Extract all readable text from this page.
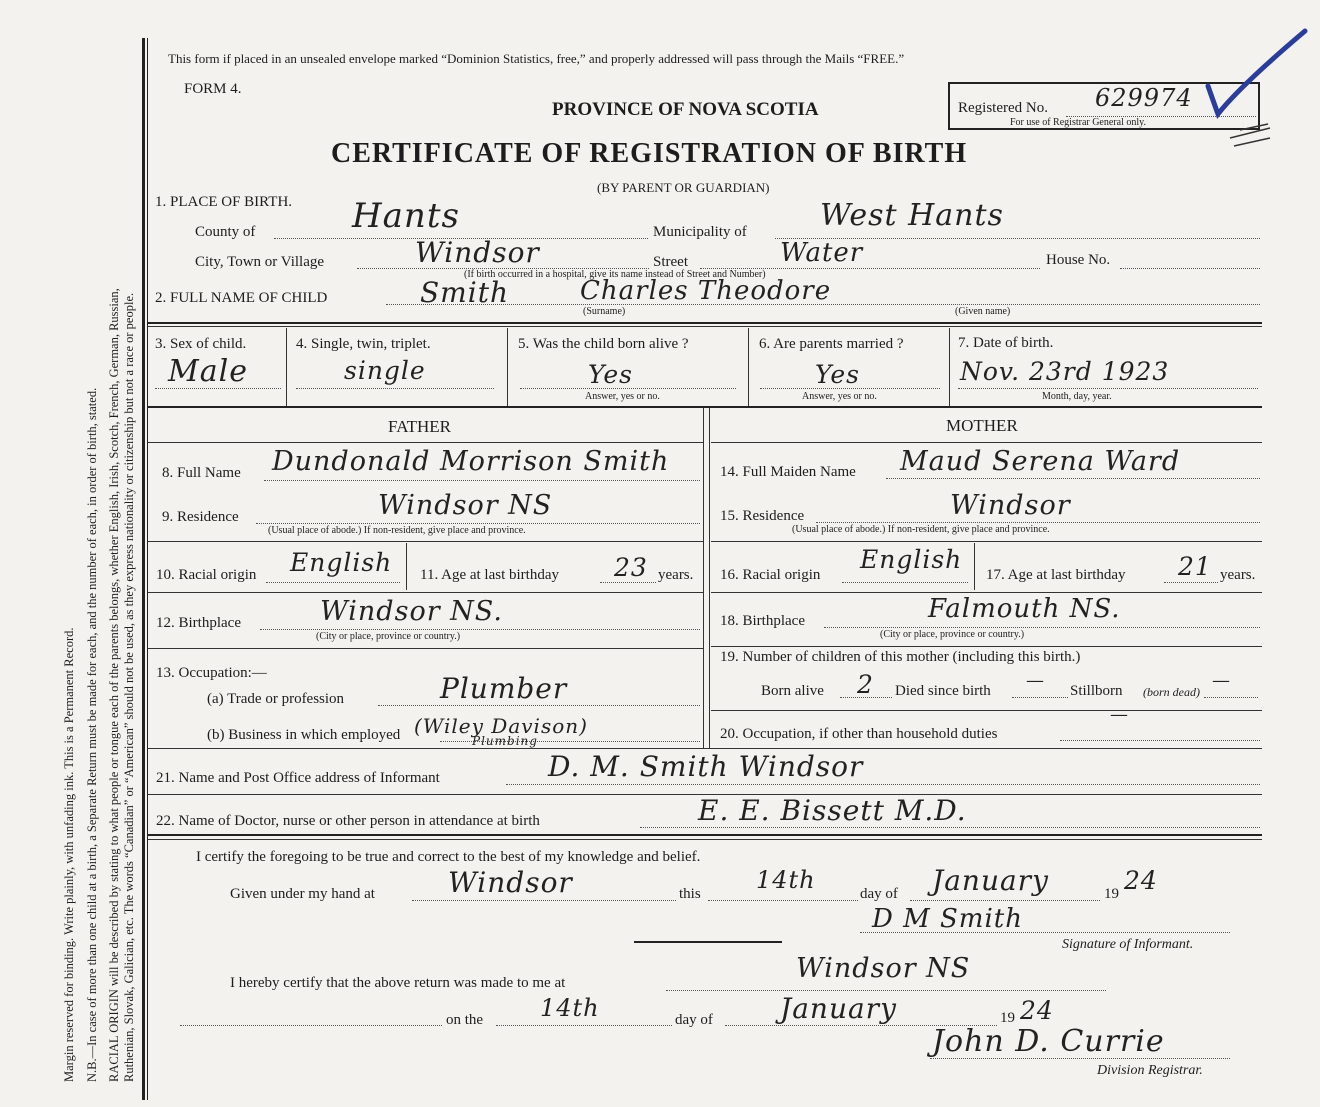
Margin reserved for binding. Write plainly, with unfading ink. This is a Permanent Record. N.B.—In case of more than one child at a birth, a Separate Return must be made for each, and the number of each, in order of birth, stated. RACIAL ORIGIN will be described by stating to what people or tongue each of the parents belongs, whether English, Irish, Scotch, French, German, Russian, Ruthenian, Slovak, Galician, etc. The words “Canadian” or “American” should not be used, as they express nationality or citizenship but not a race or people.
This form if placed in an unsealed envelope marked “Dominion Statistics, free,” and properly addressed will pass through the Mails “FREE.”
FORM 4.
PROVINCE OF NOVA SCOTIA
CERTIFICATE OF REGISTRATION OF BIRTH
(BY PARENT OR GUARDIAN)
Registered No. 629974
For use of Registrar General only.
1. PLACE OF BIRTH.
County of	Hants	Municipality of West Hants
City, Town or Village	Windsor	Street	Water	House No.
(If birth occurred in a hospital, give its name instead of Street and Number)
2. FULL NAME OF CHILD	Smith	Charles Theodore
(Surname)	(Given name)
3. Sex of child.
Male
4. Single, twin, triplet.
single
5. Was the child born alive ?
Yes
Answer, yes or no.
6. Are parents married ?
Yes
Answer, yes or no.
7. Date of birth.
Nov. 23rd 1923
Month, day, year.
FATHER
8. Full Name Dundonald Morrison Smith
9. Residence	Windsor NS
(Usual place of abode.) If non-resident, give place and province.
10. Racial origin English 11. Age at last birthday 23 years.
12. Birthplace	Windsor NS.
(City or place, province or country.)
13. Occupation:—
(a) Trade or profession	Plumber
(b) Business in which employed (Wiley Davison)
Plumbing
MOTHER
14. Full Maiden Name Maud Serena Ward
15. Residence	Windsor
(Usual place of abode.) If non-resident, give place and province.
16. Racial origin
English
17. Age at last birthday 21 years.
18. Birthplace	Falmouth NS.
(City or place, province or country.)
19. Number of children of this mother (including this birth.)
Born alive 2 Died since birth — Stillborn (born dead)
—
20. Occupation, if other than household duties
—
21. Name and Post Office address of Informant	D. M. Smith Windsor
22. Name of Doctor, nurse or other person in attendance at birth	E. E. Bissett M.D.
I certify the foregoing to be true and correct to the best of my knowledge and belief.
Given under my hand at	Windsor	this 14th	day of January	19 24
D M Smith
Signature of Informant.
I hereby certify that the above return was made to me at	Windsor NS
on the 14th	day of January	19 24
John D. Currie
Division Registrar.
